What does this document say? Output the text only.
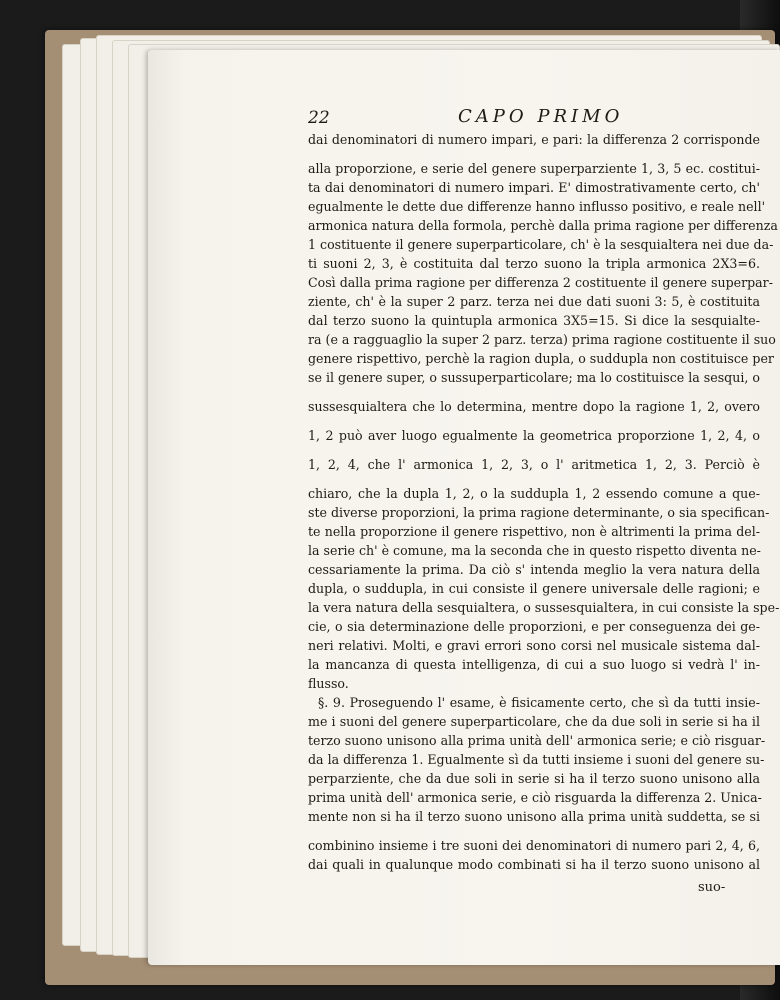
22	CAPO PRIMO
dai denominatori di numero impari, e pari: la differenza 2 corrisponde
alla proporzione, e serie del genere superparziente 1, 3, 5 ec. costitui-
ta dai denominatori di numero impari. E' dimostrativamente certo, ch'
egualmente le dette due differenze hanno influsso positivo, e reale nell'
armonica natura della formola, perchè dalla prima ragione per differenza
1 costituente il genere superparticolare, ch' è la sesquialtera nei due da-
ti suoni 2, 3, è costituita dal terzo suono la tripla armonica 2X3=6.
Così dalla prima ragione per differenza 2 costituente il genere superpar-
ziente, ch' è la super 2 parz. terza nei due dati suoni 3: 5, è costituita
dal terzo suono la quintupla armonica 3X5=15. Si dice la sesquialte-
ra (e a ragguaglio la super 2 parz. terza) prima ragione costituente il suo
genere rispettivo, perchè la ragion dupla, o suddupla non costituisce per
se il genere super, o sussuperparticolare; ma lo costituisce la sesqui, o
sussesquialtera che lo determina, mentre dopo la ragione 1, 2, overo
1, 2 può aver luogo egualmente la geometrica proporzione 1, 2, 4, o
1, 2, 4, che l' armonica 1, 2, 3, o l' aritmetica 1, 2, 3. Perciò è
chiaro, che la dupla 1, 2, o la suddupla 1, 2 essendo comune a que-
ste diverse proporzioni, la prima ragione determinante, o sia specifican-
te nella proporzione il genere rispettivo, non è altrimenti la prima del-
la serie ch' è comune, ma la seconda che in questo rispetto diventa ne-
cessariamente la prima. Da ciò s' intenda meglio la vera natura della
dupla, o suddupla, in cui consiste il genere universale delle ragioni; e
la vera natura della sesquialtera, o sussesquialtera, in cui consiste la spe-
cie, o sia determinazione delle proporzioni, e per conseguenza dei ge-
neri relativi. Molti, e gravi errori sono corsi nel musicale sistema dal-
la mancanza di questa intelligenza, di cui a suo luogo si vedrà l' in-
flusso.
§. 9. Proseguendo l' esame, è fisicamente certo, che sì da tutti insie-
me i suoni del genere superparticolare, che da due soli in serie si ha il
terzo suono unisono alla prima unità dell' armonica serie; e ciò risguar-
da la differenza 1. Egualmente sì da tutti insieme i suoni del genere su-
perparziente, che da due soli in serie si ha il terzo suono unisono alla
prima unità dell' armonica serie, e ciò risguarda la differenza 2. Unica-
mente non si ha il terzo suono unisono alla prima unità suddetta, se si
combinino insieme i tre suoni dei denominatori di numero pari 2, 4, 6,
dai quali in qualunque modo combinati si ha il terzo suono unisono al
suo-
